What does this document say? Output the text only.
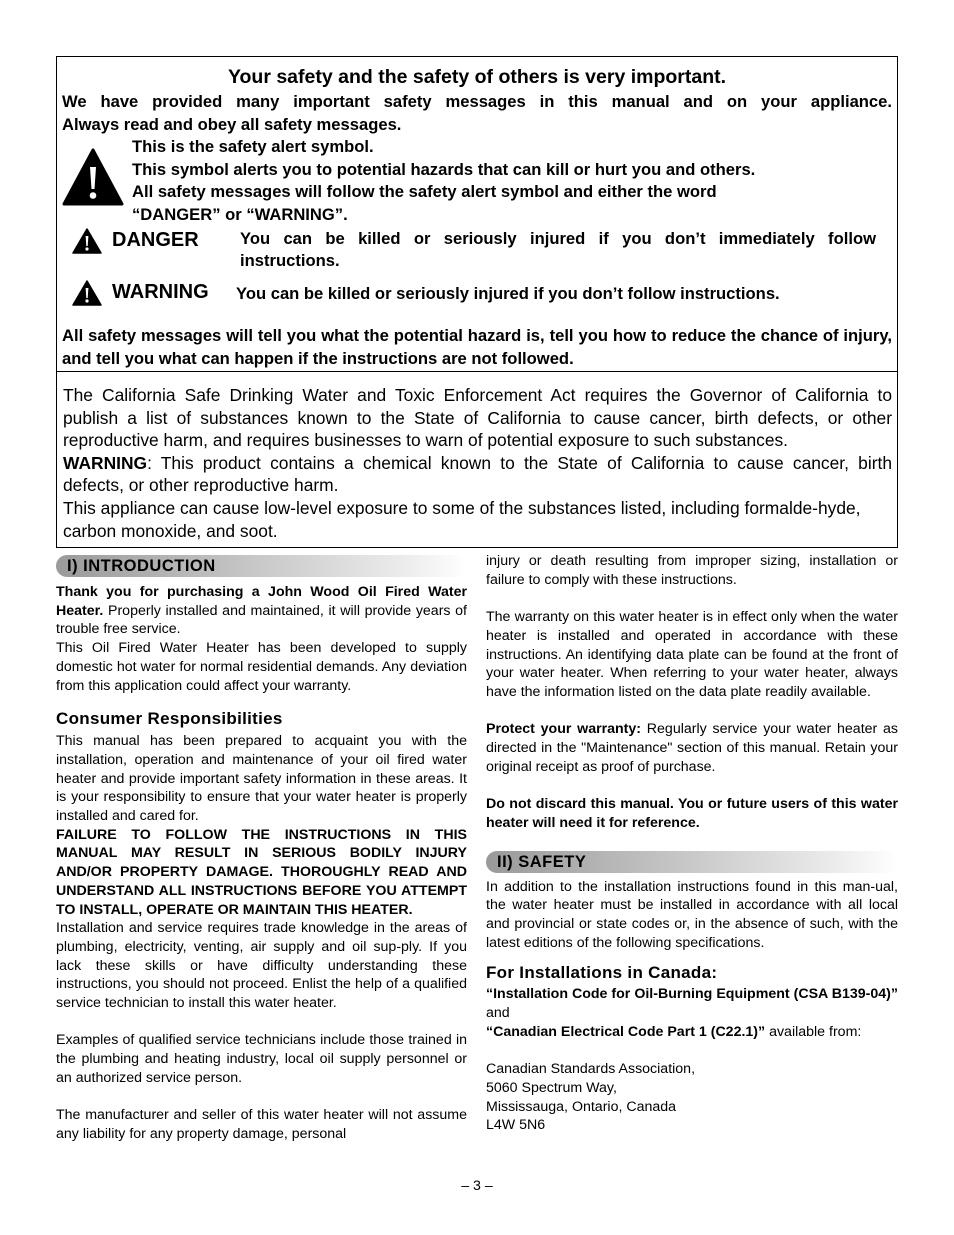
Your safety and the safety of others is very important.
We have provided many important safety messages in this manual and on your appliance.
Always read and obey all safety messages.
This is the safety alert symbol.
This symbol alerts you to potential hazards that can kill or hurt you and others.
All safety messages will follow the safety alert symbol and either the word
“DANGER” or “WARNING”.
DANGER	You can be killed or seriously injured if you don’t immediately follow instructions.
WARNING	You can be killed or seriously injured if you don’t follow instructions.
All safety messages will tell you what the potential hazard is, tell you how to reduce the chance of injury, and tell you what can happen if the instructions are not followed.

The California Safe Drinking Water and Toxic Enforcement Act requires the Governor of California to publish a list of substances known to the State of California to cause cancer, birth defects, or other reproductive harm, and requires businesses to warn of potential exposure to such substances.

WARNING: This product contains a chemical known to the State of California to cause cancer, birth defects, or other reproductive harm.

This appliance can cause low-level exposure to some of the substances listed, including formalde-hyde, carbon monoxide, and soot.

I) INTRODUCTION

Thank you for purchasing a John Wood Oil Fired Water Heater. Properly installed and maintained, it will provide years of trouble free service.

This Oil Fired Water Heater has been developed to supply domestic hot water for normal residential demands. Any deviation from this application could affect your warranty.

Consumer Responsibilities

This manual has been prepared to acquaint you with the installation, operation and maintenance of your oil fired water heater and provide important safety information in these areas. It is your responsibility to ensure that your water heater is properly installed and cared for.

FAILURE TO FOLLOW THE INSTRUCTIONS IN THIS MANUAL MAY RESULT IN SERIOUS BODILY INJURY AND/OR PROPERTY DAMAGE. THOROUGHLY READ AND UNDERSTAND ALL INSTRUCTIONS BEFORE YOU ATTEMPT TO INSTALL, OPERATE OR MAINTAIN THIS HEATER.

Installation and service requires trade knowledge in the areas of plumbing, electricity, venting, air supply and oil sup-ply. If you lack these skills or have difficulty understanding these instructions, you should not proceed. Enlist the help of a qualified service technician to install this water heater.

Examples of qualified service technicians include those trained in the plumbing and heating industry, local oil supply personnel or an authorized service person.

The manufacturer and seller of this water heater will not assume any liability for any property damage, personal

injury or death resulting from improper sizing, installation or failure to comply with these instructions.

The warranty on this water heater is in effect only when the water heater is installed and operated in accordance with these instructions. An identifying data plate can be found at the front of your water heater. When referring to your water heater, always have the information listed on the data plate readily available.

Protect your warranty: Regularly service your water heater as directed in the "Maintenance" section of this manual. Retain your original receipt as proof of purchase.

Do not discard this manual. You or future users of this water heater will need it for reference.

II) SAFETY

In addition to the installation instructions found in this man-ual, the water heater must be installed in accordance with all local and provincial or state codes or, in the absence of such, with the latest editions of the following specifications.

For Installations in Canada:

“Installation Code for Oil-Burning Equipment (CSA B139-04)” and

“Canadian Electrical Code Part 1 (C22.1)” available from:

Canadian Standards Association,
5060 Spectrum Way,
Mississauga, Ontario, Canada
L4W 5N6
– 3 –
